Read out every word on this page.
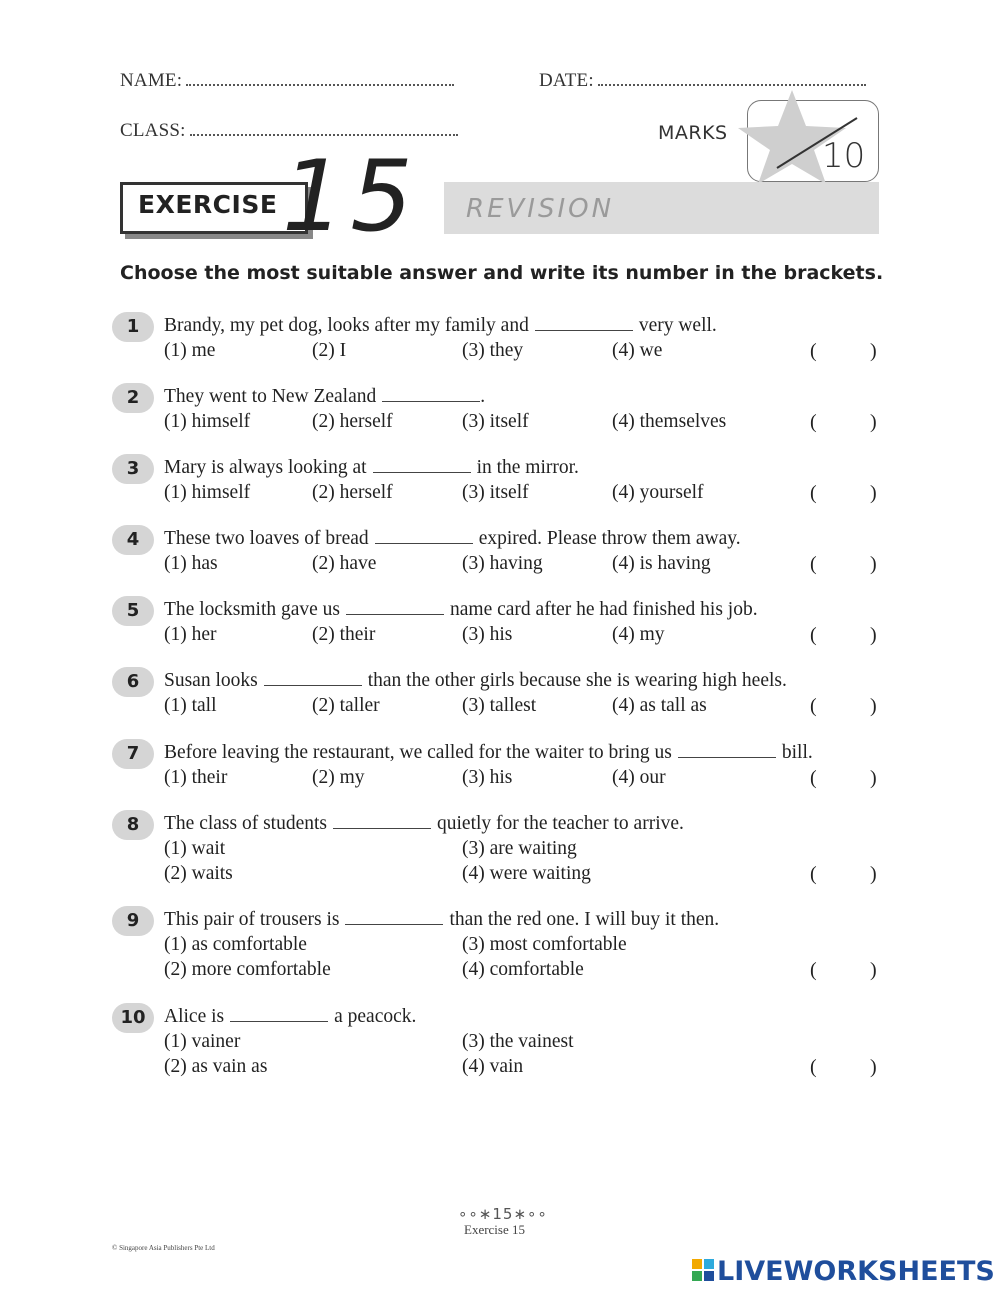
NAME:	DATE:
CLASS:	MARKS
10
REVISION
EXERCISE 15
Choose the most suitable answer and write its number in the brackets.
1	Brandy, my pet dog, looks after my family and	very well.
(1) me	(2) I	(3) they	(4) we	(	)
2	They went to New Zealand	.
(1) himself	(2) herself	(3) itself	(4) themselves	(	)
3	Mary is always looking at	in the mirror.
(1) himself	(2) herself	(3) itself	(4) yourself	(	)
4	These two loaves of bread	expired. Please throw them away.
(1) has	(2) have	(3) having	(4) is having	(	)
5	The locksmith gave us	name card after he had finished his job.
(1) her	(2) their	(3) his	(4) my	(	)
6	Susan looks	than the other girls because she is wearing high heels.
(1) tall	(2) taller	(3) tallest	(4) as tall as	(	)
7	Before leaving the restaurant, we called for the waiter to bring us	bill.
(1) their	(2) my	(3) his	(4) our	(	)
8	The class of students	quietly for the teacher to arrive.
(1) wait	(3) are waiting
(2) waits	(4) were waiting	(	)
9	This pair of trousers is	than the red one. I will buy it then.
(1) as comfortable	(3) most comfortable
(2) more comfortable	(4) comfortable	(	)
10 Alice is	a peacock.
(1) vainer	(3) the vainest
(2) as vain as	(4) vain	(	)
∘∘∗15∗∘∘
Exercise 15
© Singapore Asia Publishers Pte Ltd
LIVEWORKSHEETS
